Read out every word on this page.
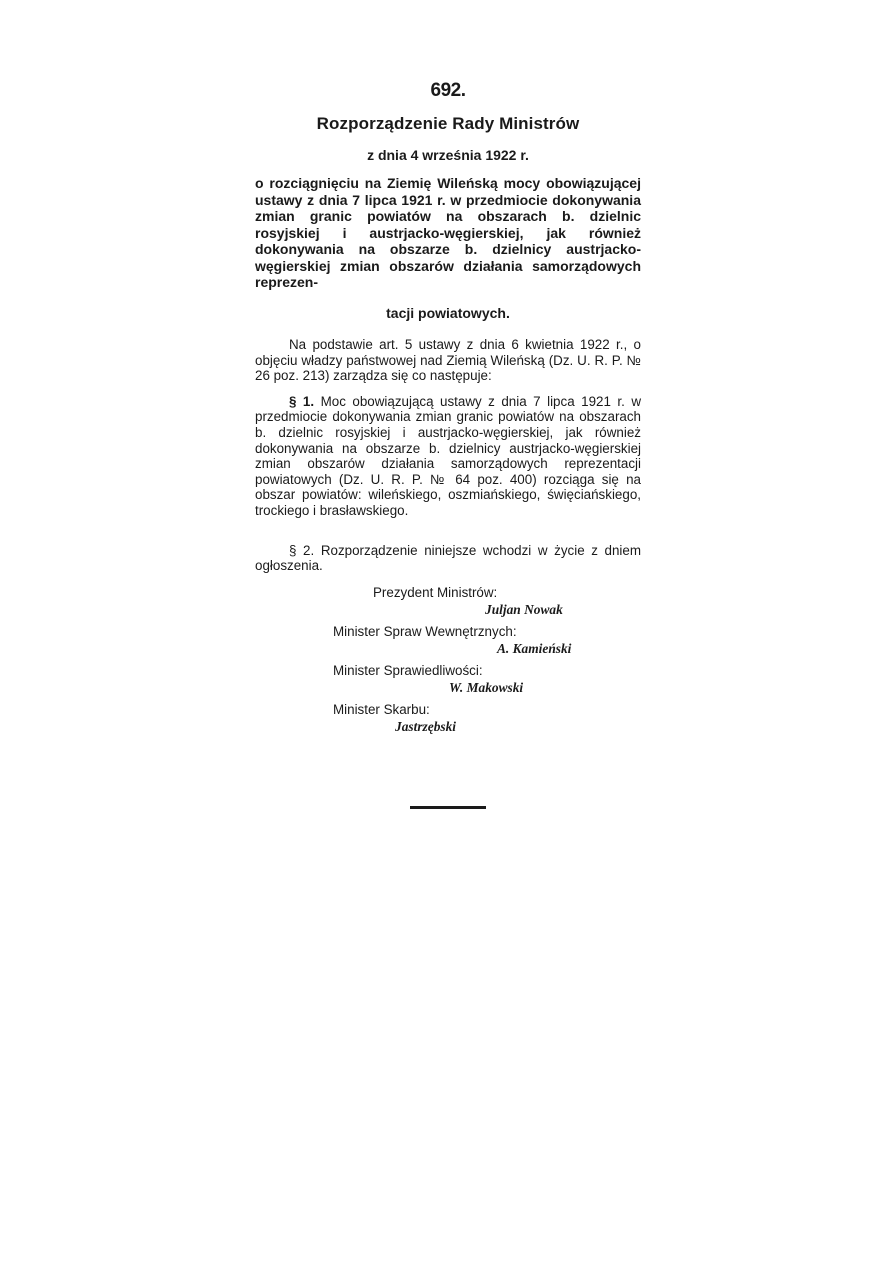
692.
Rozporządzenie Rady Ministrów
z dnia 4 września 1922 r.
o rozciągnięciu na Ziemię Wileńską mocy obowiązującej ustawy z dnia 7 lipca 1921 r. w przedmiocie dokonywania zmian granic powiatów na obszarach b. dzielnic rosyjskiej i austrjacko-węgierskiej, jak również dokonywania na obszarze b. dzielnicy austrjacko-węgierskiej zmian obszarów działania samorządowych reprezen-
tacji powiatowych.

Na podstawie art. 5 ustawy z dnia 6 kwietnia 1922 r., o objęciu władzy państwowej nad Ziemią Wileńską (Dz. U. R. P. № 26 poz. 213) zarządza się co następuje:

§ 1. Moc obowiązującą ustawy z dnia 7 lipca 1921 r. w przedmiocie dokonywania zmian granic powiatów na obszarach b. dzielnic rosyjskiej i austrjacko-węgierskiej, jak również dokonywania na obszarze b. dzielnicy austrjacko-węgierskiej zmian obszarów działania samorządowych reprezentacji powiatowych (Dz. U. R. P. № 64 poz. 400) rozciąga się na obszar powiatów: wileńskiego, oszmiańskiego, święciańskiego, trockiego i brasławskiego.

§ 2. Rozporządzenie niniejsze wchodzi w życie z dniem ogłoszenia.

Prezydent Ministrów:
Juljan Nowak
Minister Spraw Wewnętrznych:
A. Kamieński
Minister Sprawiedliwości:
W. Makowski
Minister Skarbu:
Jastrzębski
